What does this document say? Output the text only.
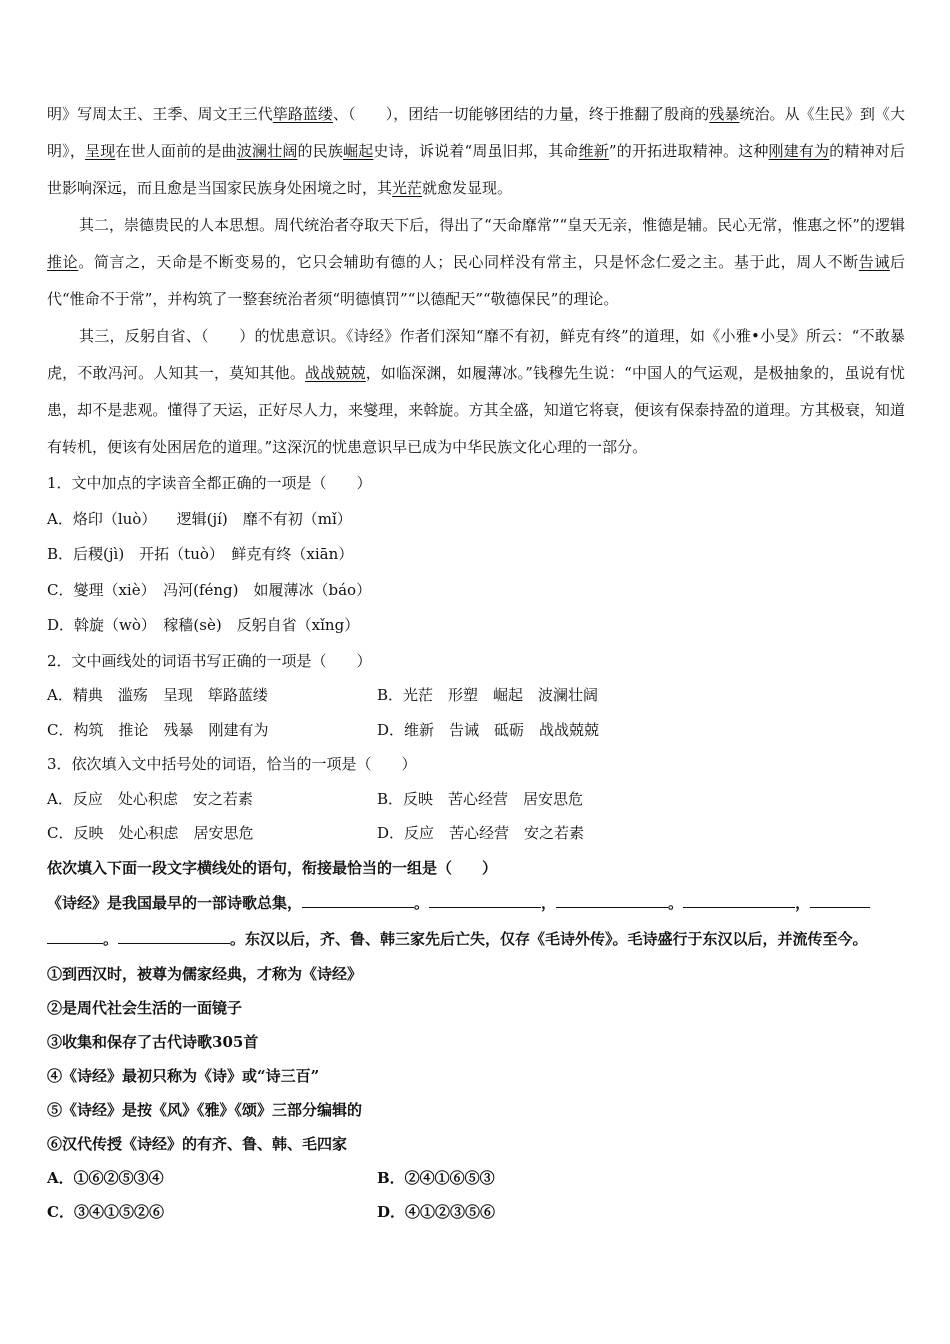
明》写周太王、王季、周文王三代筚路蓝缕、（　　），团结一切能够团结的力量，终于推翻了殷商的残暴统治。从《生民》到《大明》，呈现在世人面前的是曲波澜壮阔的民族崛起史诗，诉说着“周虽旧邦，其命维新”的开拓进取精神。这种刚建有为的精神对后世影响深远，而且愈是当国家民族身处困境之时，其光茫就愈发显现。

其二，崇德贵民的人本思想。周代统治者夺取天下后，得出了“天命靡常”“皇天无亲，惟德是辅。民心无常，惟惠之怀”的逻辑推论。简言之，天命是不断变易的，它只会辅助有德的人；民心同样没有常主，只是怀念仁爱之主。基于此，周人不断告诫后代“惟命不于常”，并构筑了一整套统治者须“明德慎罚”“以德配天”“敬德保民”的理论。

其三，反躬自省、（　　）的忧患意识。《诗经》作者们深知“靡不有初，鲜克有终”的道理，如《小雅•小旻》所云：“不敢暴虎，不敢冯河。人知其一，莫知其他。战战兢兢，如临深渊，如履薄冰。”钱穆先生说：“中国人的气运观，是极抽象的，虽说有忧患，却不是悲观。懂得了天运，正好尽人力，来燮理，来斡旋。方其全盛，知道它将衰，便该有保泰持盈的道理。方其极衰，知道有转机，便该有处困居危的道理。”这深沉的忧患意识早已成为中华民族文化心理的一部分。

1．文中加点的字读音全都正确的一项是（　　）
A．烙印（luò）　 逻辑(jí)　靡不有初（mǐ）
B．后稷(jì)　开拓（tuò）　鲜克有终（xiān）
C．燮理（xiè）　冯河(féng)　如履薄冰（báo）
D．斡旋（wò）　稼穑(sè)　反躬自省（xǐng）
2．文中画线处的词语书写正确的一项是（　　）
A．精典　滥殇　呈现　筚路蓝缕	B．光茫　形塑　崛起　波澜壮阔
C．构筑　推论　残暴　刚建有为	D．维新　告诫　砥砺　战战兢兢
3．依次填入文中括号处的词语，恰当的一项是（　　）
A．反应　处心积虑　安之若素	B．反映　苦心经营　居安思危
C．反映　处心积虑　居安思危	D．反应　苦心经营　安之若素
依次填入下面一段文字横线处的语句，衔接最恰当的一组是（　　）
《诗经》是我国最早的一部诗歌总集，	。	，	。	，
。	。东汉以后，齐、鲁、韩三家先后亡失，仅存《毛诗外传》。毛诗盛行于东汉以后，并流传至今。
①到西汉时，被尊为儒家经典，才称为《诗经》
②是周代社会生活的一面镜子
③收集和保存了古代诗歌305首
④《诗经》最初只称为《诗》或“诗三百”
⑤《诗经》是按《风》《雅》《颂》三部分编辑的
⑥汉代传授《诗经》的有齐、鲁、韩、毛四家
A．①⑥②⑤③④	B．②④①⑥⑤③
C．③④①⑤②⑥	D．④①②③⑤⑥
